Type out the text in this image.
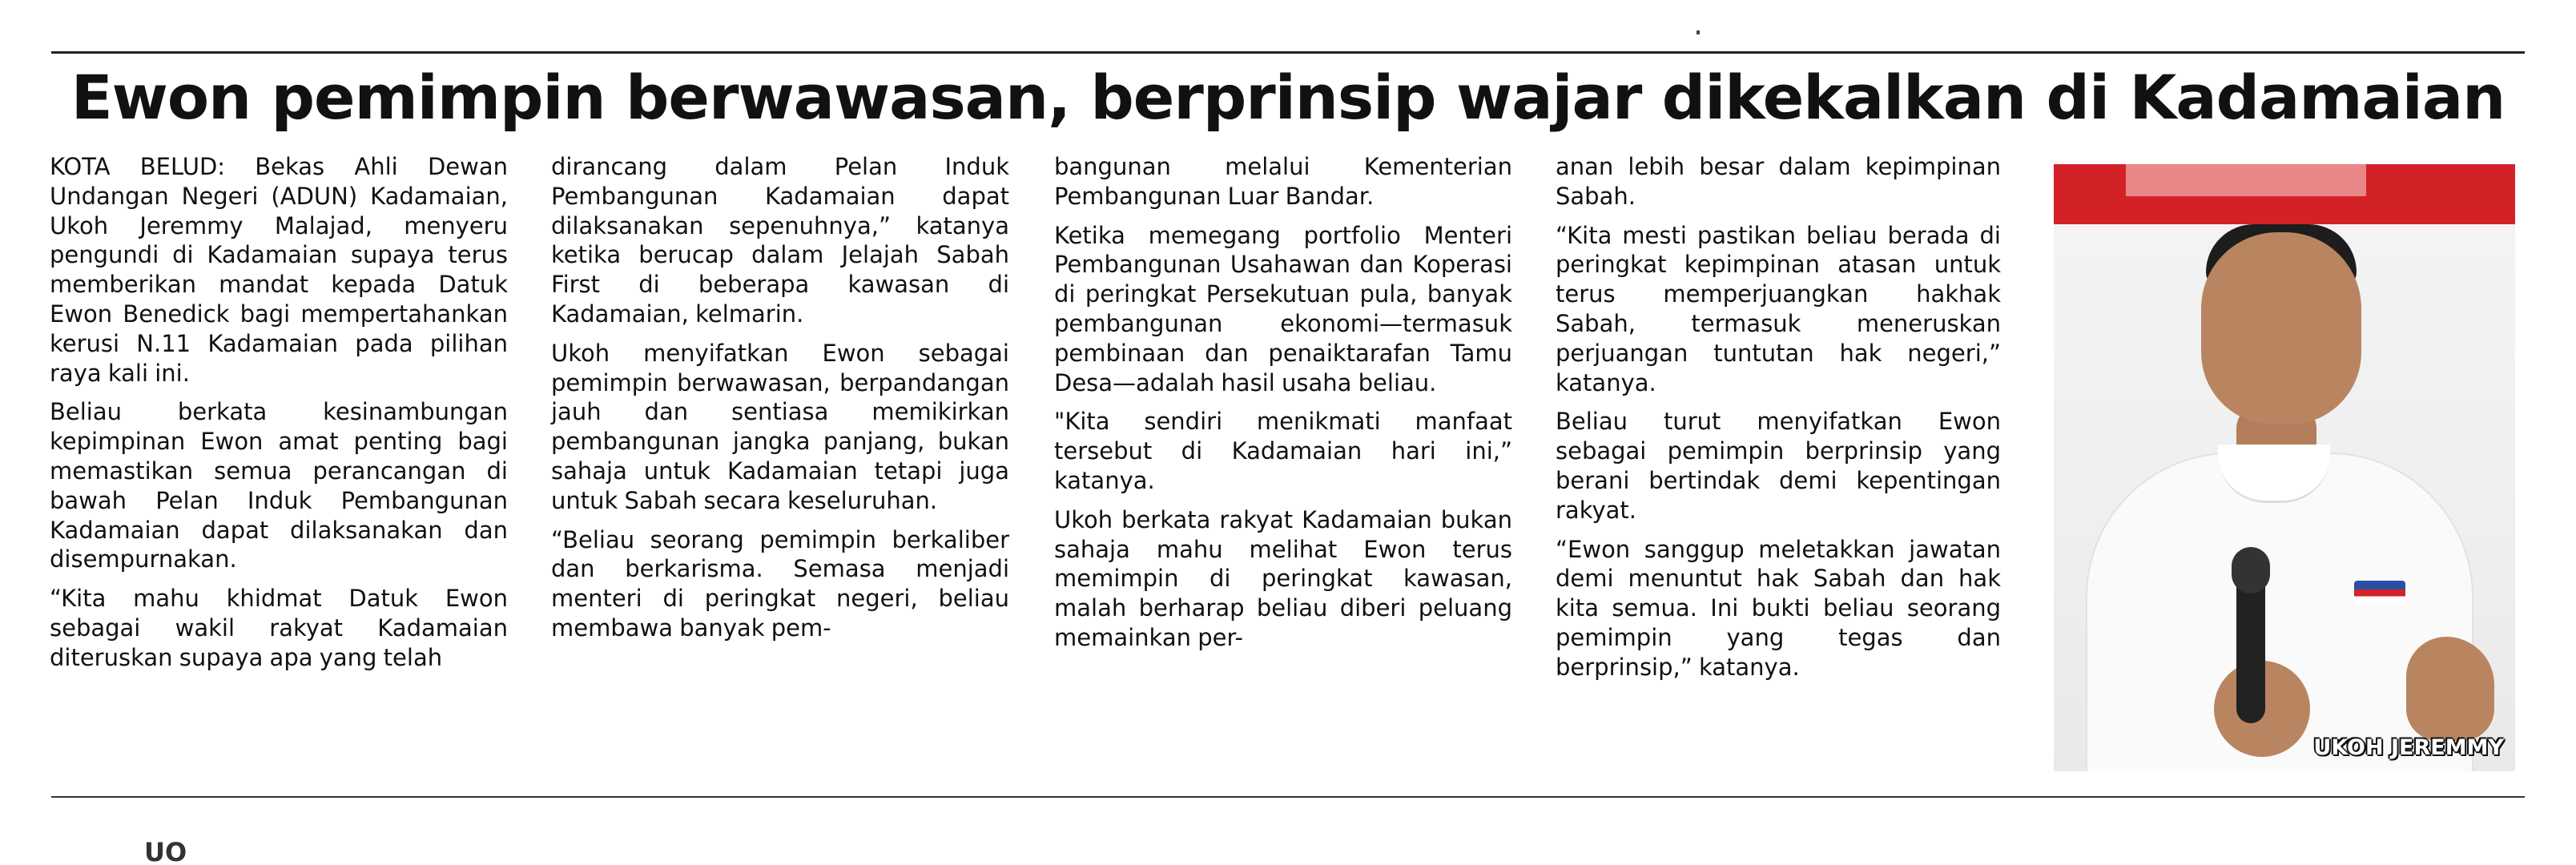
Ewon pemimpin berwawasan, berprinsip wajar dikekalkan di Kadamaian

KOTA BELUD: Bekas Ahli Dewan Undangan Negeri (ADUN) Kadamaian, Ukoh Jeremmy Malajad, menyeru pengundi di Kadamaian supaya terus memberikan mandat kepada Datuk Ewon Benedick bagi mempertahankan kerusi N.11 Kadamaian pada pilihan raya kali ini.

Beliau berkata kesinambungan kepimpinan Ewon amat penting bagi memastikan semua perancangan di bawah Pelan Induk Pembangunan Kadamaian dapat dilaksanakan dan disempurnakan.

“Kita mahu khidmat Datuk Ewon sebagai wakil rakyat Kadamaian diteruskan supaya apa yang telah

dirancang dalam Pelan Induk Pembangunan Kadamaian dapat dilaksanakan sepenuhnya,” katanya ketika berucap dalam Jelajah Sabah First di beberapa kawasan di Kadamaian, kelmarin.

Ukoh menyifatkan Ewon sebagai pemimpin berwawasan, berpandangan jauh dan sentiasa memikirkan pembangunan jangka panjang, bukan sahaja untuk Kadamaian tetapi juga untuk Sabah secara keseluruhan.

“Beliau seorang pemimpin berkaliber dan berkarisma. Semasa menjadi menteri di peringkat negeri, beliau membawa banyak pem-

bangunan melalui Kementerian Pembangunan Luar Bandar.

Ketika memegang portfolio Menteri Pembangunan Usahawan dan Koperasi di peringkat Persekutuan pula, banyak pembangunan ekonomi—termasuk pembinaan dan penaiktarafan Tamu Desa—adalah hasil usaha beliau.

"Kita sendiri menikmati manfaat tersebut di Kadamaian hari ini,” katanya.

Ukoh berkata rakyat Kadamaian bukan sahaja mahu melihat Ewon terus memimpin di peringkat kawasan, malah berharap beliau diberi peluang memainkan per-

anan lebih besar dalam kepimpinan Sabah.

“Kita mesti pastikan beliau berada di peringkat kepimpinan atasan untuk terus memperjuangkan hakhak Sabah, termasuk meneruskan perjuangan tuntutan hak negeri,” katanya.

Beliau turut menyifatkan Ewon sebagai pemimpin berprinsip yang berani bertindak demi kepentingan rakyat.

“Ewon sanggup meletakkan jawatan demi menuntut hak Sabah dan hak kita semua. Ini bukti beliau seorang pemimpin yang tegas dan berprinsip,” katanya.

UKOH JEREMMY
UO
